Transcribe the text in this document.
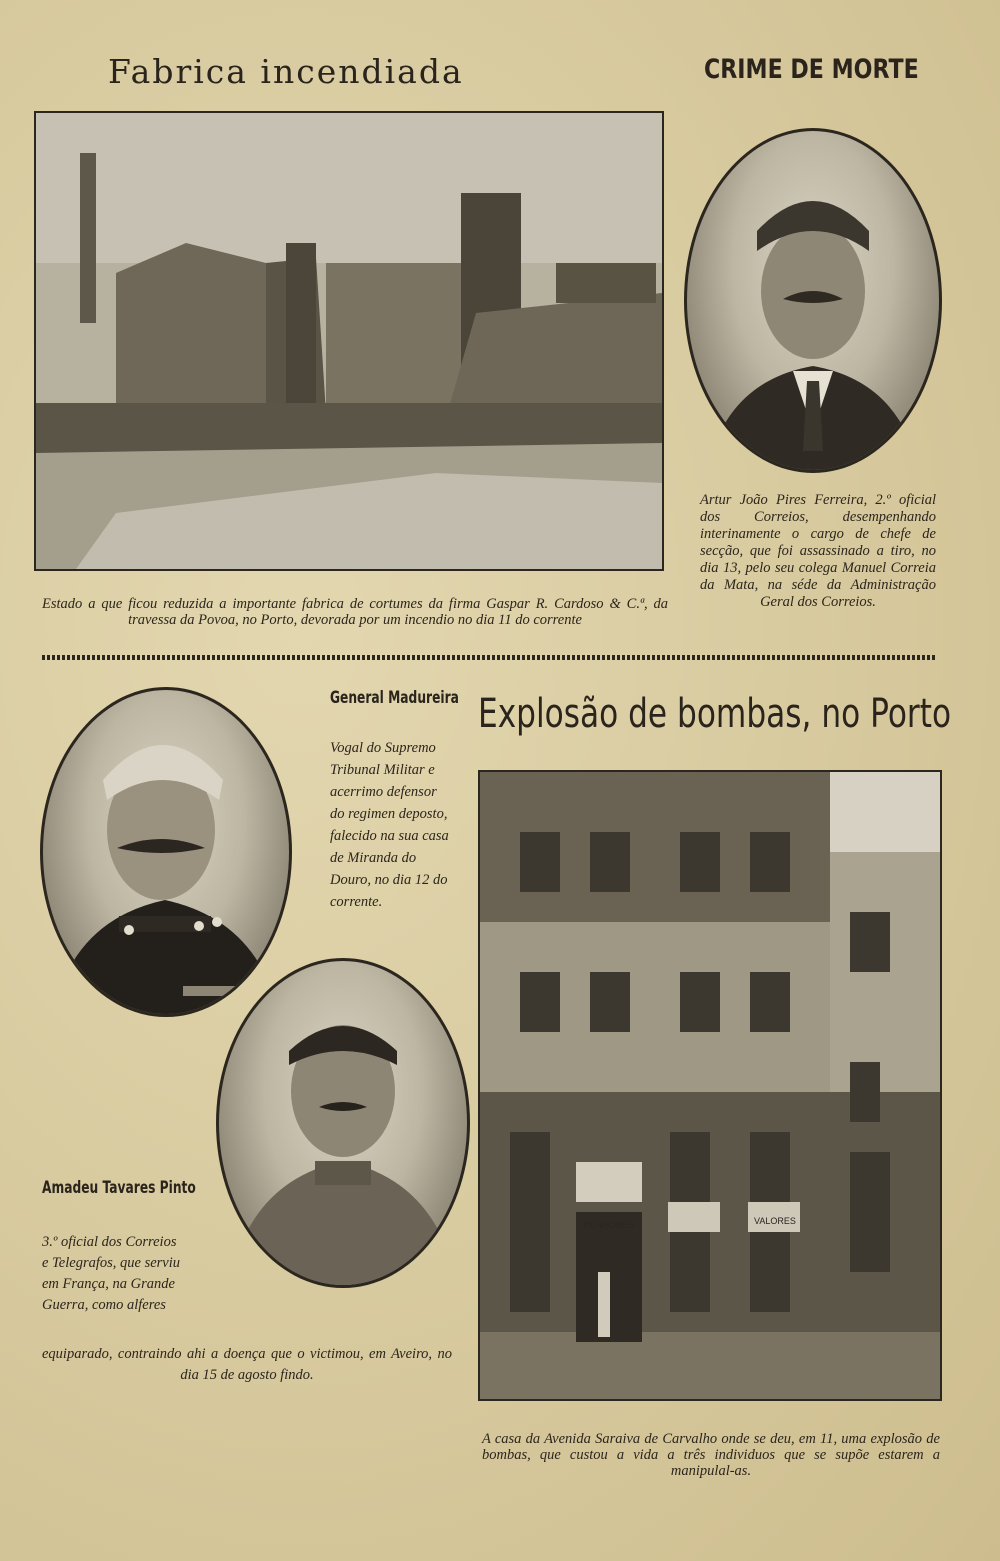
Fabrica incendiada
Estado a que ficou reduzida a importante fabrica de cortumes da firma Gaspar R. Cardoso & C.ª, da travessa da Povoa, no Porto, devorada por um incendio no dia 11 do corrente
CRIME DE MORTE
Artur João Pires Ferreira, 2.º oficial dos Correios, desempenhando interinamente o cargo de chefe de secção, que foi assassinado a tiro, no dia 13, pelo seu colega Manuel Correia da Mata, na séde da Administração Geral dos Correios.
General Madureira
Vogal do Supremo Tribunal Militar e acerrimo defensor do regimen deposto, falecido na sua casa de Miranda do Douro, no dia 12 do corrente.
Amadeu Tavares Pinto
3.º oficial dos Correios e Telegrafos, que serviu em França, na Grande Guerra, como alferes
equiparado, contraindo ahi a doença que o victimou, em Aveiro, no dia 15 de agosto findo.
Explosão de bombas, no Porto
PENHORES	VALORES
A casa da Avenida Saraiva de Carvalho onde se deu, em 11, uma explosão de bombas, que custou a vida a três individuos que se supõe estarem a manipulal-as.
